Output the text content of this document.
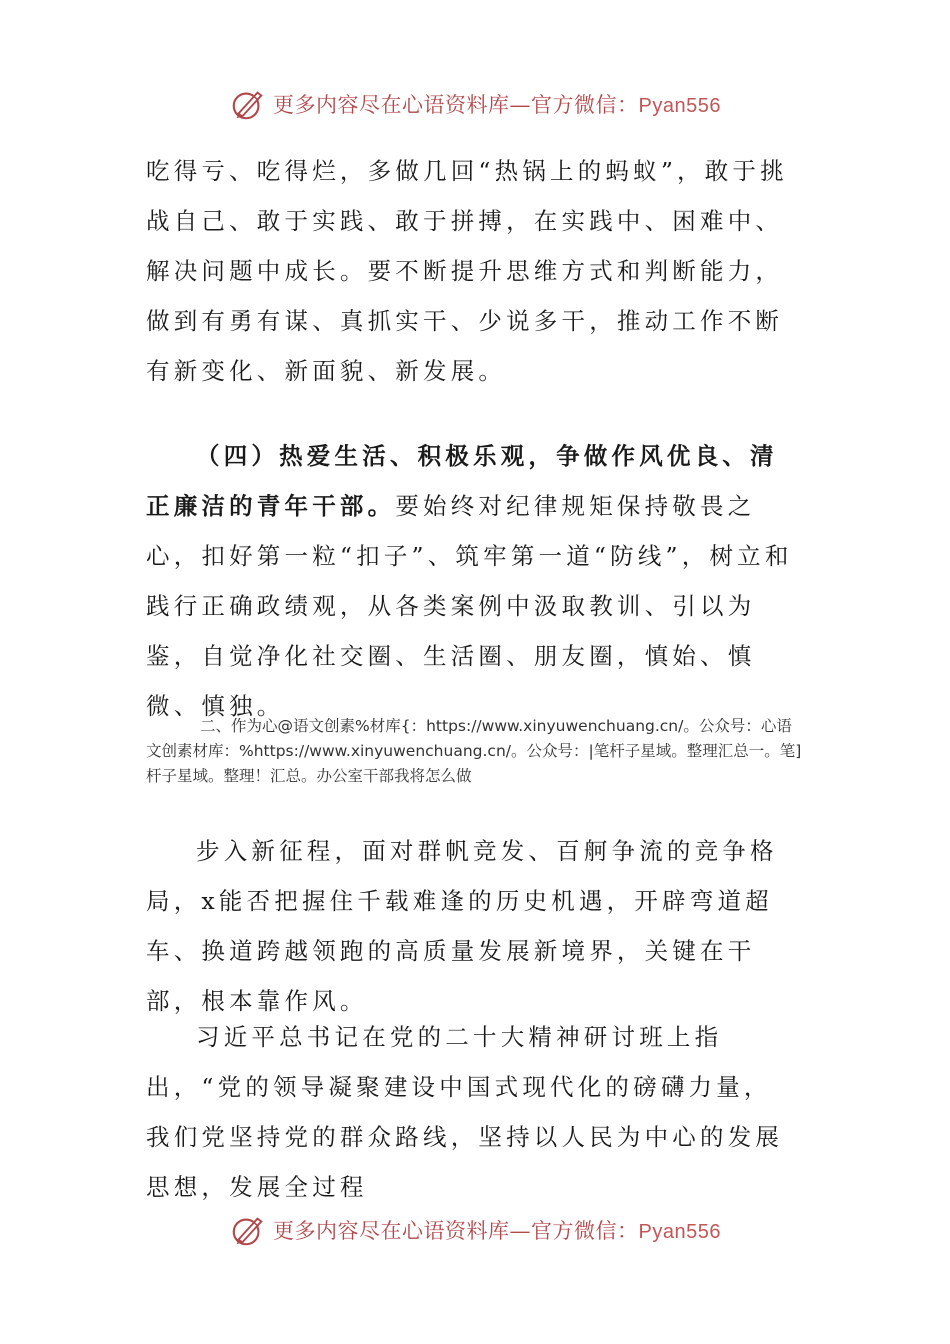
更多内容尽在心语资料库—官方微信：Pyan556

吃得亏、吃得烂，多做几回“热锅上的蚂蚁”，敢于挑战自己、敢于实践、敢于拼搏，在实践中、困难中、解决问题中成长。要不断提升思维方式和判断能力，做到有勇有谋、真抓实干、少说多干，推动工作不断有新变化、新面貌、新发展。

（四）热爱生活、积极乐观，争做作风优良、清正廉洁的青年干部。要始终对纪律规矩保持敬畏之心，扣好第一粒“扣子”、筑牢第一道“防线”，树立和践行正确政绩观，从各类案例中汲取教训、引以为鉴，自觉净化社交圈、生活圈、朋友圈，慎始、慎微、慎独。

二、作为心@语文创素%材库{：https://www.xinyuwenchuang.cn/。公众号：心语文创素材库：%https://www.xinyuwenchuang.cn/。公众号：|笔杆子星域。整理汇总一。笔]杆子星域。整理！汇总。办公室干部我将怎么做

步入新征程，面对群帆竞发、百舸争流的竞争格局，x能否把握住千载难逢的历史机遇，开辟弯道超车、换道跨越领跑的高质量发展新境界，关键在干部，根本靠作风。

习近平总书记在党的二十大精神研讨班上指出，“党的领导凝聚建设中国式现代化的磅礴力量，我们党坚持党的群众路线，坚持以人民为中心的发展思想，发展全过程

更多内容尽在心语资料库—官方微信：Pyan556
